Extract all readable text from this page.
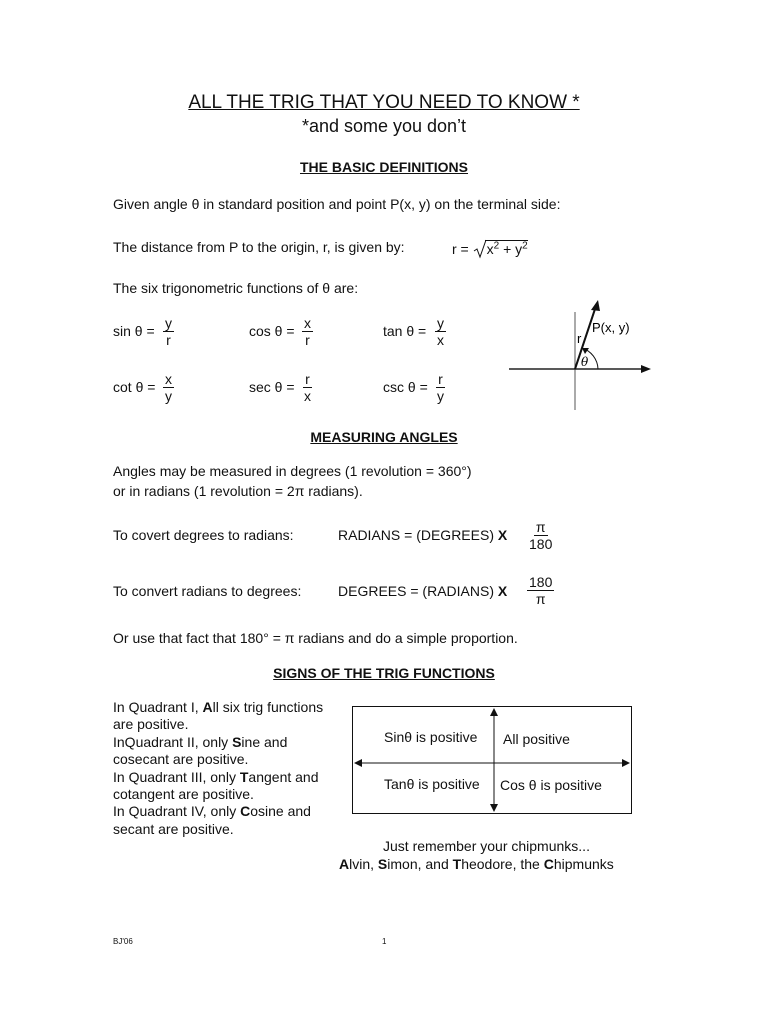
ALL THE TRIG THAT YOU NEED TO KNOW *
*and some you don’t
THE BASIC DEFINITIONS
Given angle θ in standard position and point P(x, y) on the terminal side:
The distance from P to the origin, r, is given by:	$r = x^2 + y^2$
The six trigonometric functions of θ are:
$\sin \theta = \frac{y}{r}$	$\cos \theta = \frac{x}{r}$	$\tan \theta = \frac{y}{x}$
$\cot \theta = \frac{x}{y}$	$\sec \theta = \frac{r}{x}$	$\csc \theta = \frac{r}{y}$
P(x, y)
r
θ
MEASURING ANGLES
Angles may be measured in degrees (1 revolution = 360°)
or in radians (1 revolution = 2π radians).
To covert degrees to radians:	RADIANS = (DEGREES) X $\frac{\pi}{180}$
To convert radians to degrees:	DEGREES = (RADIANS) X $\frac{180}{\pi}$
Or use that fact that 180° = π radians and do a simple proportion.
SIGNS OF THE TRIG FUNCTIONS
In Quadrant I, All six trig functions
are positive.
InQuadrant II, only Sine and
cosecant are positive.
In Quadrant III, only Tangent and
cotangent are positive.
In Quadrant IV, only Cosine and
secant are positive.
Sinθ is positive All positive
Tanθ is positive Cos θ is positive
Just remember your chipmunks...
Alvin, Simon, and Theodore, the Chipmunks
BJ'06	1
